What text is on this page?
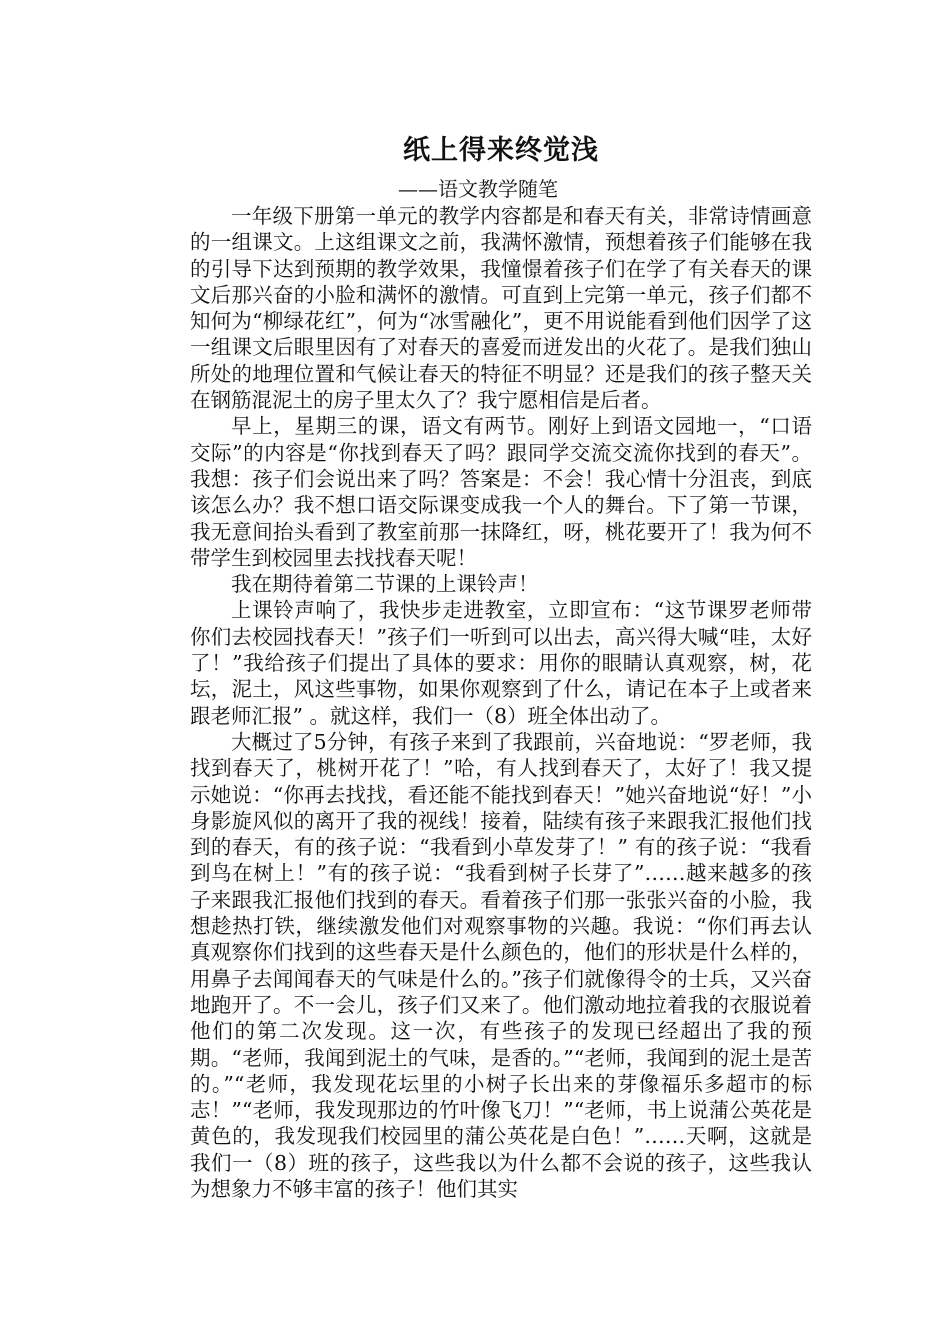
纸上得来终觉浅
——语文教学随笔

一年级下册第一单元的教学内容都是和春天有关，非常诗情画意的一组课文。上这组课文之前，我满怀激情，预想着孩子们能够在我的引导下达到预期的教学效果，我憧憬着孩子们在学了有关春天的课文后那兴奋的小脸和满怀的激情。可直到上完第一单元，孩子们都不知何为“柳绿花红”，何为“冰雪融化”，更不用说能看到他们因学了这一组课文后眼里因有了对春天的喜爱而迸发出的火花了。是我们独山所处的地理位置和气候让春天的特征不明显？还是我们的孩子整天关在钢筋混泥土的房子里太久了？我宁愿相信是后者。

早上，星期三的课，语文有两节。刚好上到语文园地一，“口语交际”的内容是“你找到春天了吗？跟同学交流交流你找到的春天”。我想：孩子们会说出来了吗？答案是：不会！我心情十分沮丧，到底该怎么办？我不想口语交际课变成我一个人的舞台。下了第一节课，我无意间抬头看到了教室前那一抹降红，呀，桃花要开了！我为何不带学生到校园里去找找春天呢！

我在期待着第二节课的上课铃声！

上课铃声响了，我快步走进教室，立即宣布：“这节课罗老师带你们去校园找春天！”孩子们一听到可以出去，高兴得大喊“哇，太好了！”我给孩子们提出了具体的要求：用你的眼睛认真观察，树，花坛，泥土，风这些事物，如果你观察到了什么，请记在本子上或者来跟老师汇报” 。就这样，我们一（8）班全体出动了。

大概过了5分钟，有孩子来到了我跟前，兴奋地说：“罗老师，我找到春天了，桃树开花了！”哈，有人找到春天了，太好了！我又提示她说：“你再去找找，看还能不能找到春天！”她兴奋地说“好！”小身影旋风似的离开了我的视线！接着，陆续有孩子来跟我汇报他们找到的春天，有的孩子说：“我看到小草发芽了！” 有的孩子说：“我看到鸟在树上！”有的孩子说：“我看到树子长芽了”……越来越多的孩子来跟我汇报他们找到的春天。看着孩子们那一张张兴奋的小脸，我想趁热打铁，继续激发他们对观察事物的兴趣。我说：“你们再去认真观察你们找到的这些春天是什么颜色的，他们的形状是什么样的，用鼻子去闻闻春天的气味是什么的。”孩子们就像得令的士兵，又兴奋地跑开了。不一会儿，孩子们又来了。他们激动地拉着我的衣服说着他们的第二次发现。这一次，有些孩子的发现已经超出了我的预期。“老师，我闻到泥土的气味，是香的。”“老师，我闻到的泥土是苦的。”“老师，我发现花坛里的小树子长出来的芽像福乐多超市的标志！”“老师，我发现那边的竹叶像飞刀！”“老师，书上说蒲公英花是黄色的，我发现我们校园里的蒲公英花是白色！”……天啊，这就是我们一（8）班的孩子，这些我以为什么都不会说的孩子，这些我认为想象力不够丰富的孩子！他们其实
